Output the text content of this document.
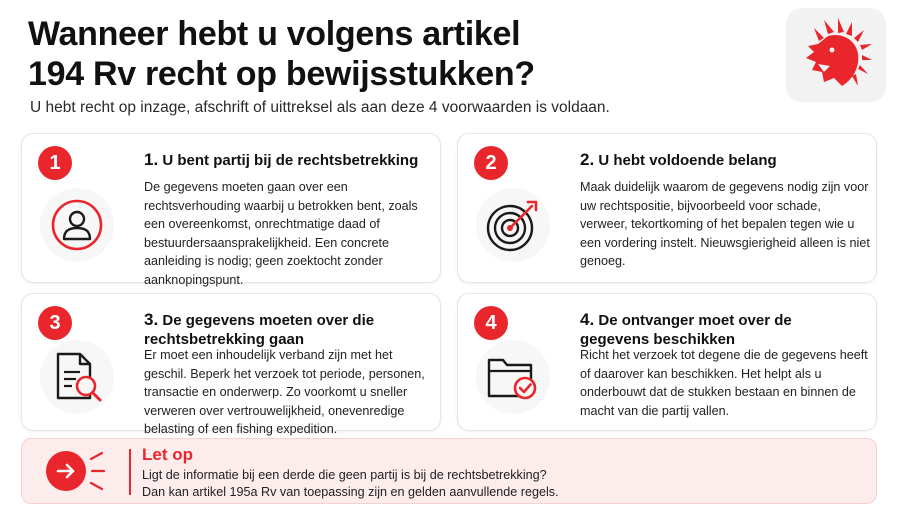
Wanneer hebt u volgens artikel
194 Rv recht op bewijsstukken?
U hebt recht op inzage, afschrift of uittreksel als aan deze 4 voorwaarden is voldaan.
1	1. U bent partij bij de rechtsbetrekking
De gegevens moeten gaan over een rechtsverhouding waarbij u betrokken bent, zoals een overeenkomst, onrechtmatige daad of bestuurdersaansprakelijkheid. Een concrete aanleiding is nodig; geen zoektocht zonder aanknopingspunt.
2	2. U hebt voldoende belang
Maak duidelijk waarom de gegevens nodig zijn voor uw rechtspositie, bijvoorbeeld voor schade, verweer, tekortkoming of het bepalen tegen wie u een vordering instelt. Nieuwsgierigheid alleen is niet genoeg.
3	3. De gegevens moeten over die rechtsbetrekking gaan
Er moet een inhoudelijk verband zijn met het geschil. Beperk het verzoek tot periode, personen, transactie en onderwerp. Zo voorkomt u sneller verweren over vertrouwelijkheid, onevenredige belasting of een fishing expedition.
4	4. De ontvanger moet over de gegevens beschikken
Richt het verzoek tot degene die de gegevens heeft of daarover kan beschikken. Het helpt als u onderbouwt dat de stukken bestaan en binnen de macht van die partij vallen.
Let op
Ligt de informatie bij een derde die geen partij is bij de rechtsbetrekking?
Dan kan artikel 195a Rv van toepassing zijn en gelden aanvullende regels.
